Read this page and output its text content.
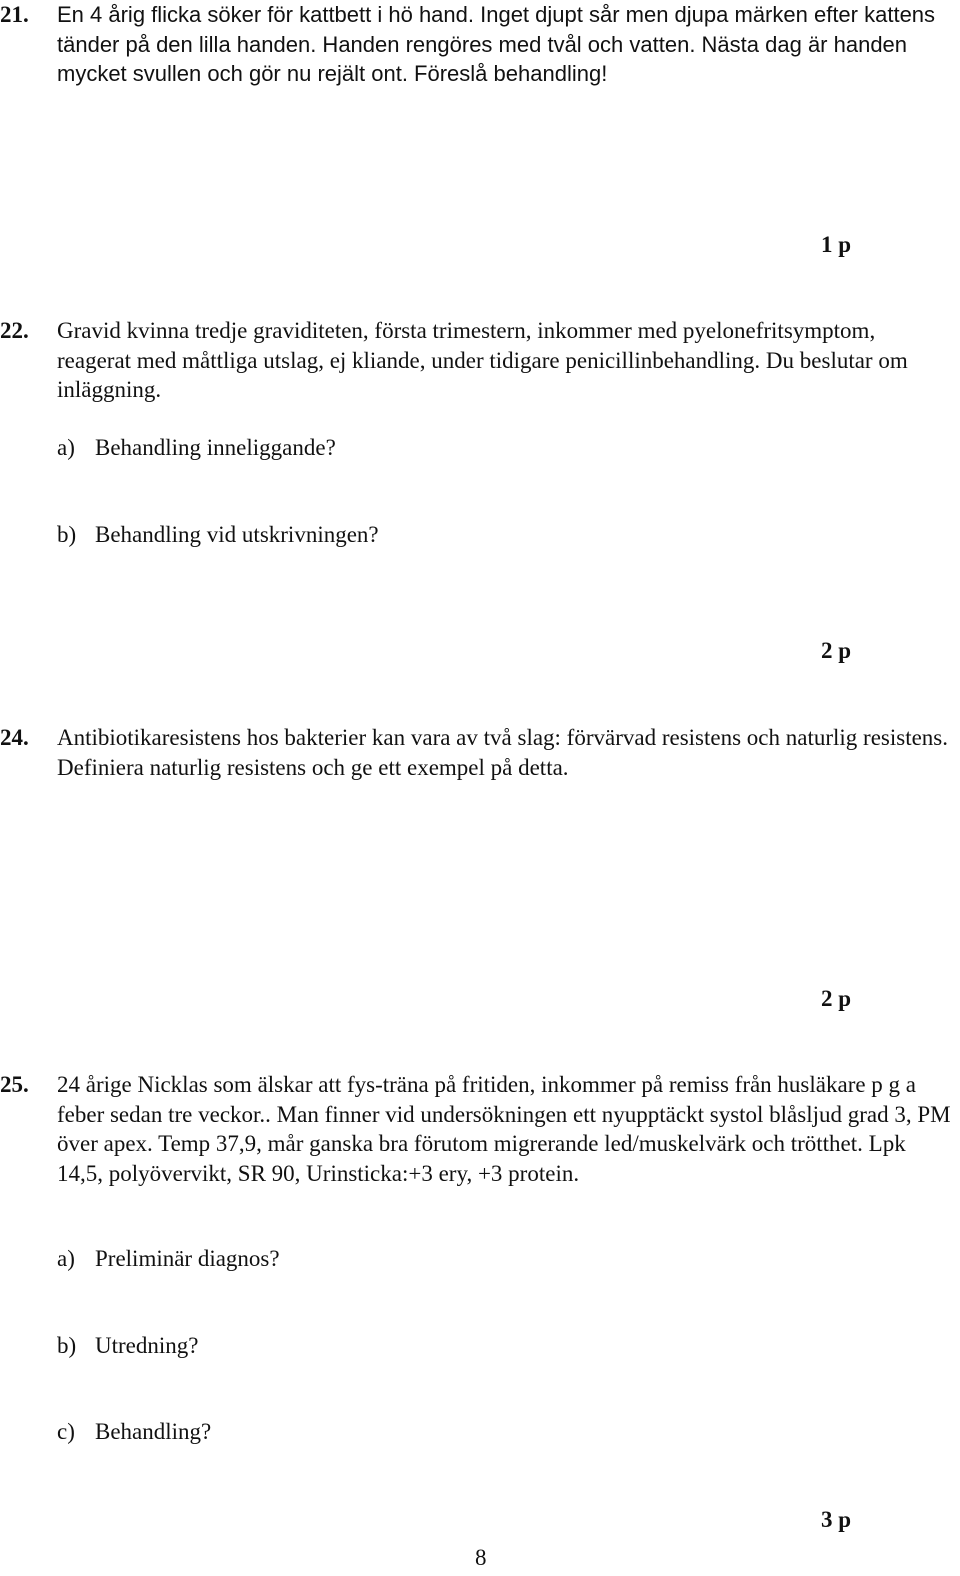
21.	En 4 årig flicka söker för kattbett i hö hand. Inget djupt sår men djupa märken efter kattens tänder på den lilla handen. Handen rengöres med tvål och vatten. Nästa dag är handen mycket svullen och gör nu rejält ont. Föreslå behandling!
1 p
22.	Gravid kvinna tredje graviditeten, första trimestern, inkommer med pyelonefritsymptom, reagerat med måttliga utslag, ej kliande, under tidigare penicillinbehandling. Du beslutar om inläggning.
a) Behandling inneliggande?
b) Behandling vid utskrivningen?
2 p
24.	Antibiotikaresistens hos bakterier kan vara av två slag: förvärvad resistens och naturlig resistens. Definiera naturlig resistens och ge ett exempel på detta.
2 p
25.	24 årige Nicklas som älskar att fys-träna på fritiden, inkommer på remiss från husläkare p g a feber sedan tre veckor.. Man finner vid undersökningen ett nyupptäckt systol blåsljud grad 3, PM över apex. Temp 37,9, mår ganska bra förutom migrerande led/muskelvärk och trötthet. Lpk 14,5, polyövervikt, SR 90, Urinsticka:+3 ery, +3 protein.
a) Preliminär diagnos?
b) Utredning?
c) Behandling?
3 p
8
